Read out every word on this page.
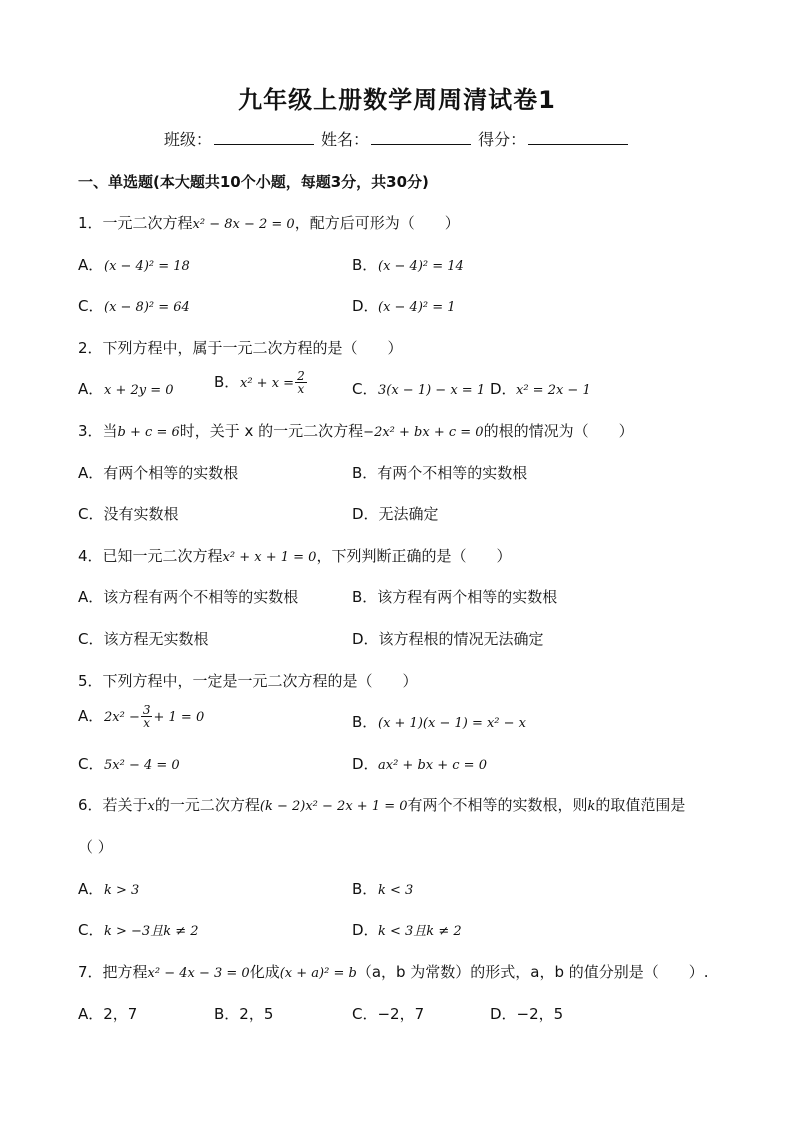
九年级上册数学周周清试卷1
班级：	姓名：	得分：
一、单选题(本大题共10个小题，每题3分，共30分)
1．一元二次方程x² − 8x − 2 = 0，配方后可形为（　　）
A．(x − 4)² = 18	B．(x − 4)² = 14
C．(x − 8)² = 64	D．(x − 4)² = 1
2．下列方程中，属于一元二次方程的是（　　）
A．x + 2y = 0	B．$x^2 + x = \frac{2}{x}$	C．3(x − 1) − x = 1 D．x² = 2x − 1
3．当b + c = 6时，关于 x 的一元二次方程−2x² + bx + c = 0的根的情况为（　　）
A．有两个相等的实数根	B．有两个不相等的实数根
C．没有实数根	D．无法确定
4．已知一元二次方程x² + x + 1 = 0，下列判断正确的是（　　）
A．该方程有两个不相等的实数根	B．该方程有两个相等的实数根
C．该方程无实数根	D．该方程根的情况无法确定
5．下列方程中，一定是一元二次方程的是（　　）
A．$2x^2 - \frac{3}{x} + 1 = 0$	B．(x + 1)(x − 1) = x² − x
C．5x² − 4 = 0	D．ax² + bx + c = 0
6．若关于x的一元二次方程(k − 2)x² − 2x + 1 = 0有两个不相等的实数根，则k的取值范围是
（ ）
A．k > 3	B．k < 3
C．k > −3且k ≠ 2	D．k < 3且k ≠ 2
7．把方程x² − 4x − 3 = 0化成(x + a)² = b（a，b 为常数）的形式，a，b 的值分别是（　　）.
A．2，7	B．2，5	C．−2，7	D．−2，5
